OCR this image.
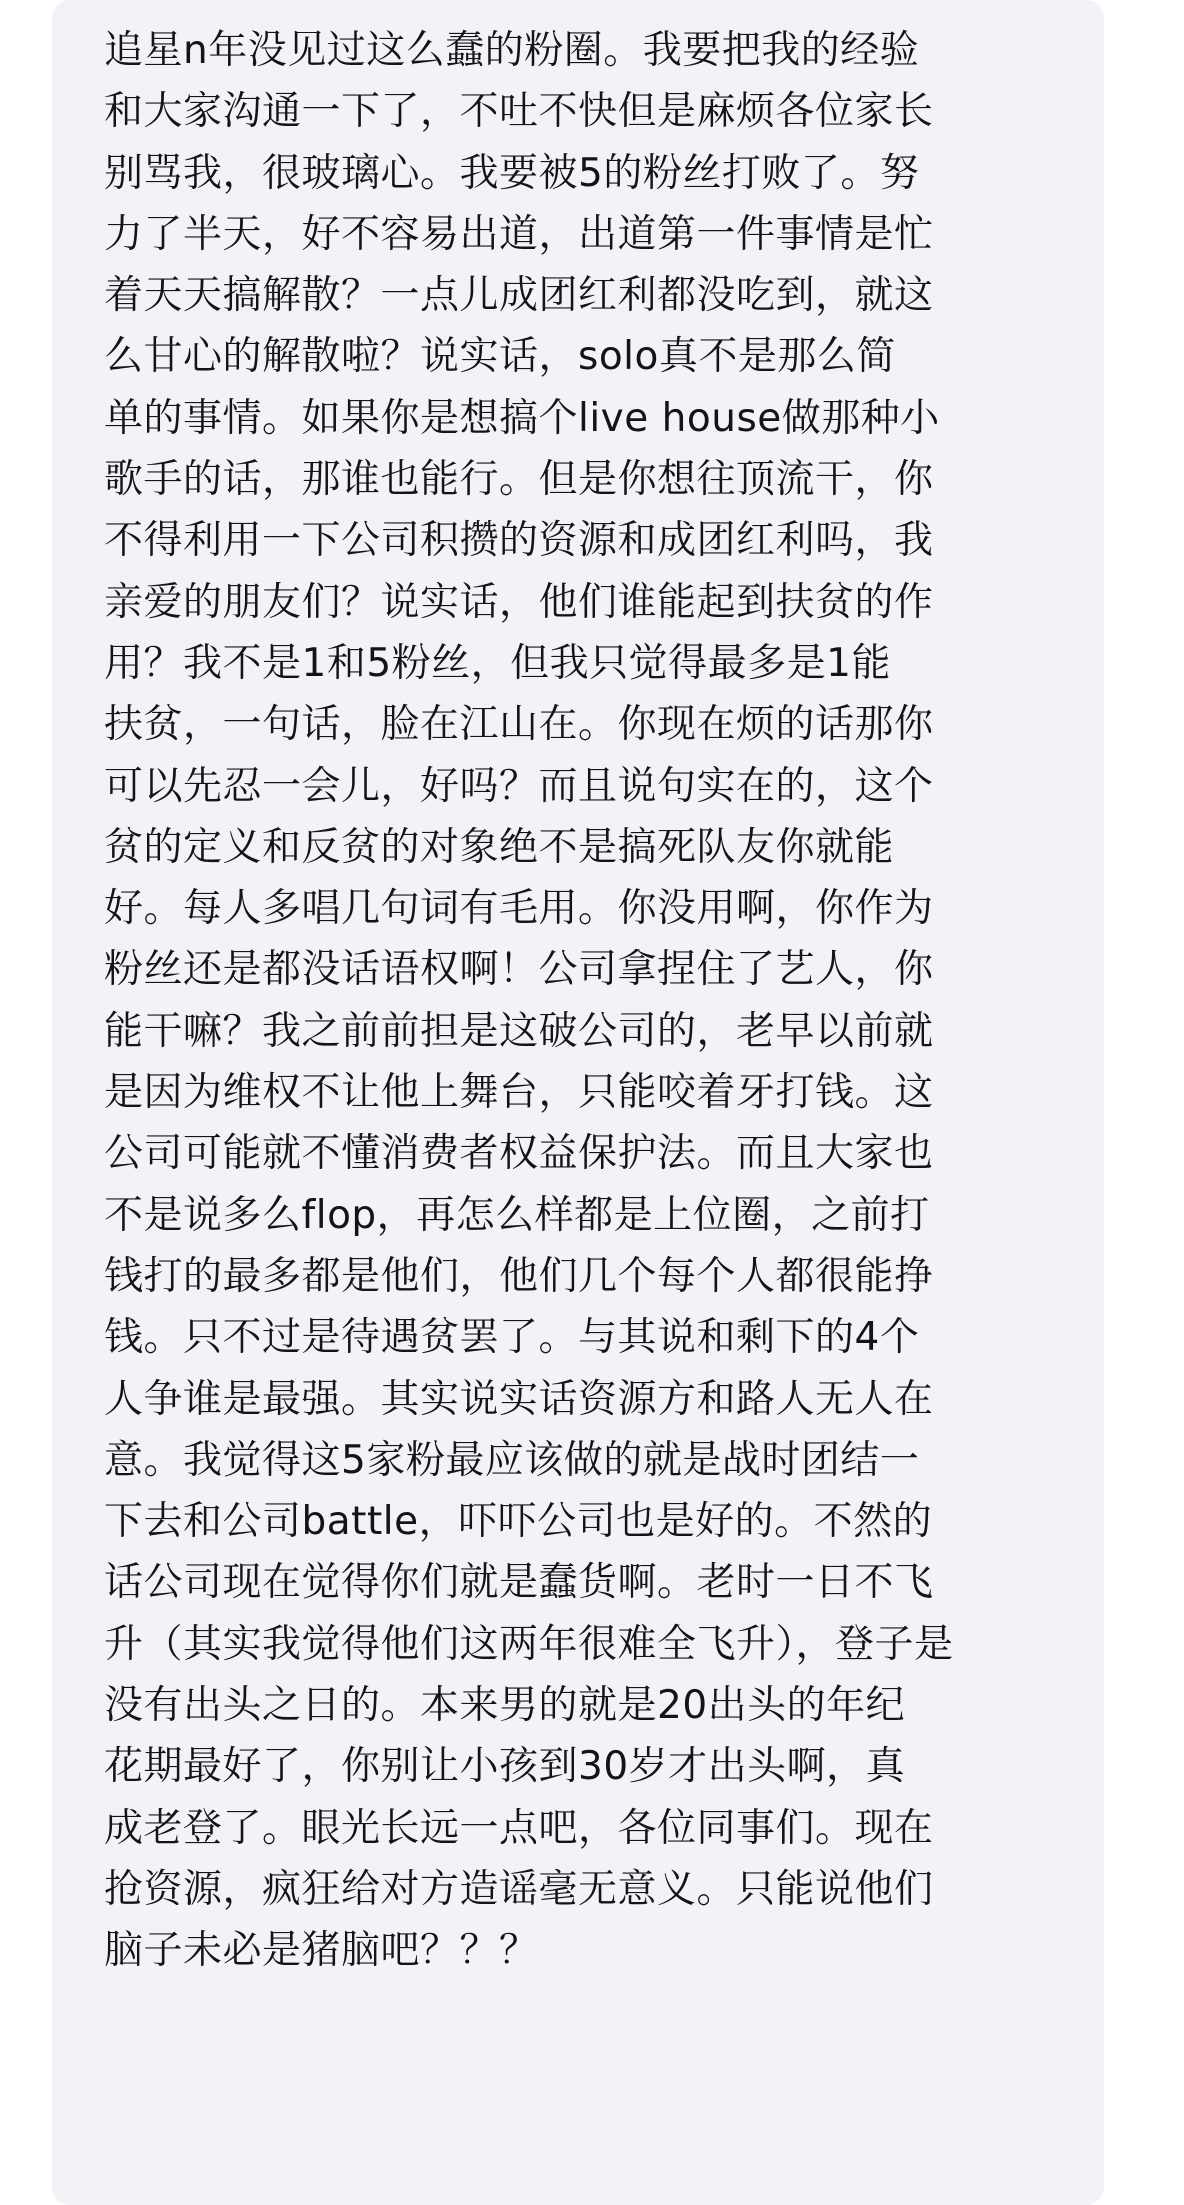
追星n年没见过这么蠢的粉圈。我要把我的经验
和大家沟通一下了，不吐不快但是麻烦各位家长
别骂我，很玻璃心。我要被5的粉丝打败了。努
力了半天，好不容易出道，出道第一件事情是忙
着天天搞解散？一点儿成团红利都没吃到，就这
么甘心的解散啦？说实话，solo真不是那么简
单的事情。如果你是想搞个live house做那种小
歌手的话，那谁也能行。但是你想往顶流干，你
不得利用一下公司积攒的资源和成团红利吗，我
亲爱的朋友们？说实话，他们谁能起到扶贫的作
用？我不是1和5粉丝，但我只觉得最多是1能
扶贫，一句话，脸在江山在。你现在烦的话那你
可以先忍一会儿，好吗？而且说句实在的，这个
贫的定义和反贫的对象绝不是搞死队友你就能
好。每人多唱几句词有毛用。你没用啊，你作为
粉丝还是都没话语权啊！公司拿捏住了艺人，你
能干嘛？我之前前担是这破公司的，老早以前就
是因为维权不让他上舞台，只能咬着牙打钱。这
公司可能就不懂消费者权益保护法。而且大家也
不是说多么flop，再怎么样都是上位圈，之前打
钱打的最多都是他们，他们几个每个人都很能挣
钱。只不过是待遇贫罢了。与其说和剩下的4个
人争谁是最强。其实说实话资源方和路人无人在
意。我觉得这5家粉最应该做的就是战时团结一
下去和公司battle，吓吓公司也是好的。不然的
话公司现在觉得你们就是蠢货啊。老时一日不飞
升（其实我觉得他们这两年很难全飞升），登子是
没有出头之日的。本来男的就是20出头的年纪
花期最好了，你别让小孩到30岁才出头啊，真
成老登了。眼光长远一点吧，各位同事们。现在
抢资源，疯狂给对方造谣毫无意义。只能说他们
脑子未必是猪脑吧？？？
